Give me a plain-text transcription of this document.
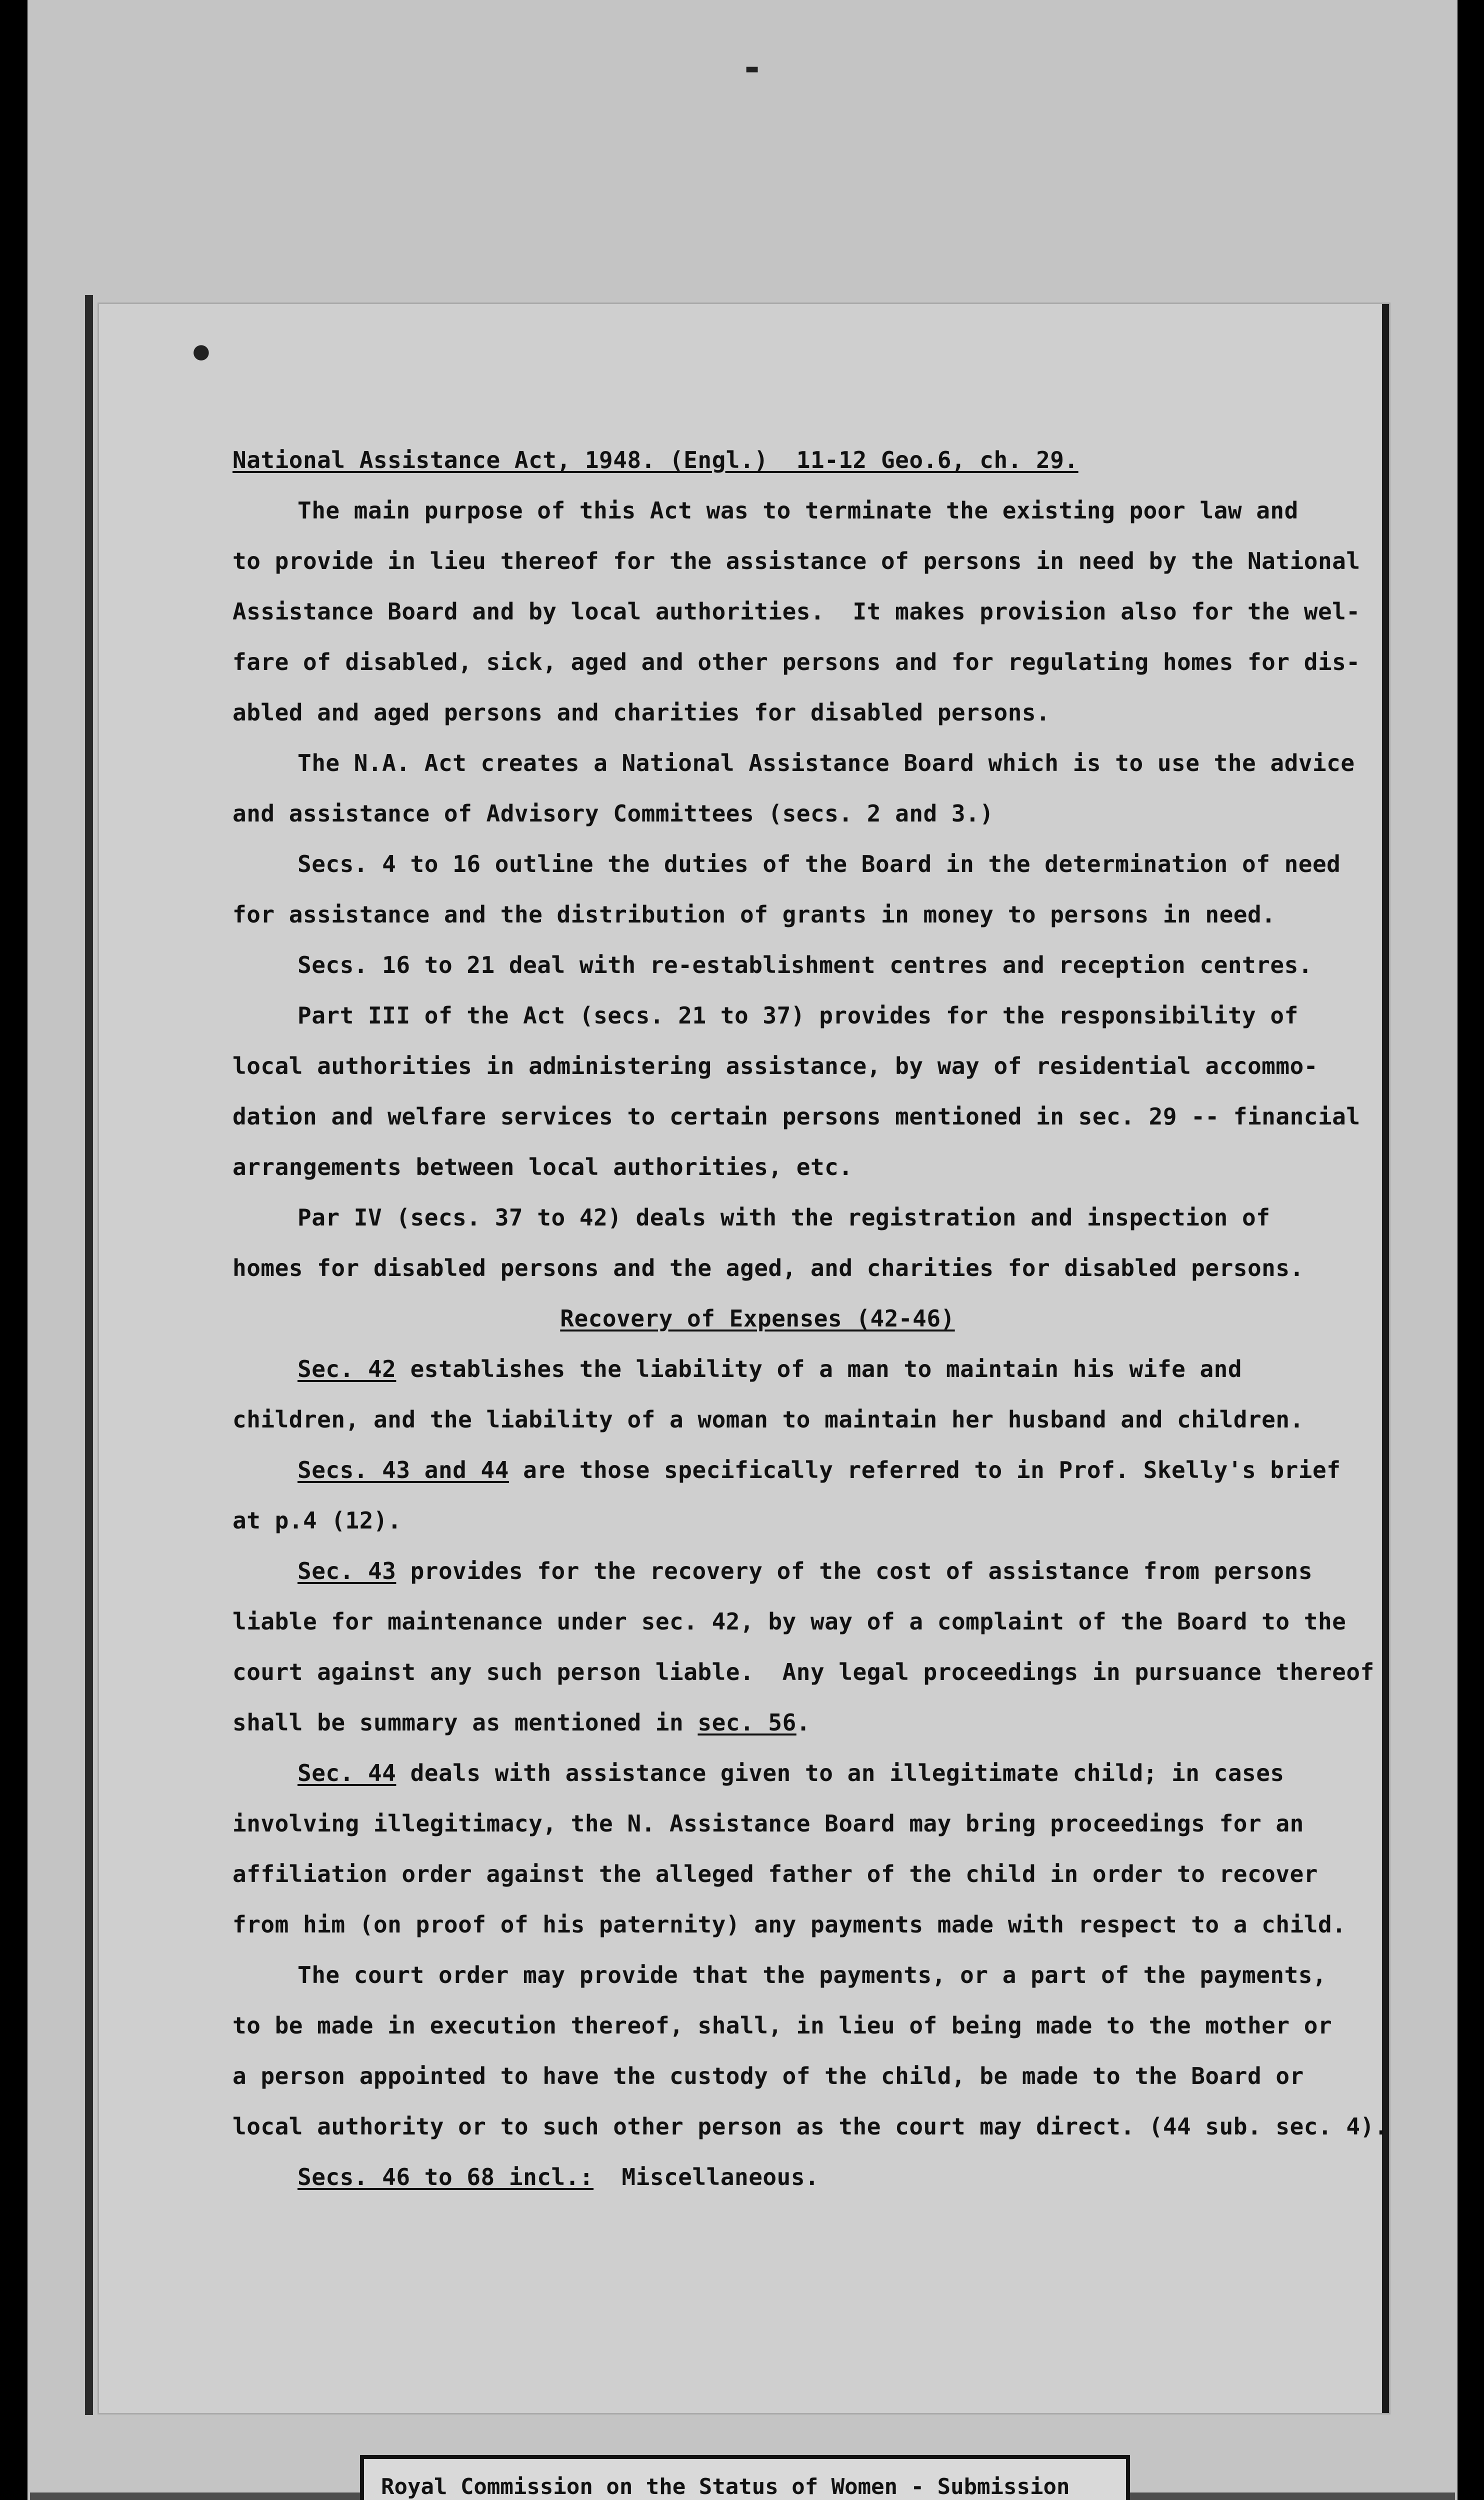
▬
●
National Assistance Act, 1948. (Engl.)  11-12 Geo.6, ch. 29.
The main purpose of this Act was to terminate the existing poor law and
to provide in lieu thereof for the assistance of persons in need by the National
Assistance Board and by local authorities.  It makes provision also for the wel-
fare of disabled, sick, aged and other persons and for regulating homes for dis-
abled and aged persons and charities for disabled persons.
The N.A. Act creates a National Assistance Board which is to use the advice
and assistance of Advisory Committees (secs. 2 and 3.)
Secs. 4 to 16 outline the duties of the Board in the determination of need
for assistance and the distribution of grants in money to persons in need.
Secs. 16 to 21 deal with re-establishment centres and reception centres.
Part III of the Act (secs. 21 to 37) provides for the responsibility of
local authorities in administering assistance, by way of residential accommo-
dation and welfare services to certain persons mentioned in sec. 29 -- financial
arrangements between local authorities, etc.
Par IV (secs. 37 to 42) deals with the registration and inspection of
homes for disabled persons and the aged, and charities for disabled persons.
Recovery of Expenses (42-46)
Sec. 42 establishes the liability of a man to maintain his wife and
children, and the liability of a woman to maintain her husband and children.
Secs. 43 and 44 are those specifically referred to in Prof. Skelly's brief
at p.4 (12).
Sec. 43 provides for the recovery of the cost of assistance from persons
liable for maintenance under sec. 42, by way of a complaint of the Board to the
court against any such person liable.  Any legal proceedings in pursuance thereof
shall be summary as mentioned in sec. 56.
Sec. 44 deals with assistance given to an illegitimate child; in cases
involving illegitimacy, the N. Assistance Board may bring proceedings for an
affiliation order against the alleged father of the child in order to recover
from him (on proof of his paternity) any payments made with respect to a child.
The court order may provide that the payments, or a part of the payments,
to be made in execution thereof, shall, in lieu of being made to the mother or
a person appointed to have the custody of the child, be made to the Board or
local authority or to such other person as the court may direct. (44 sub. sec. 4).
Secs. 46 to 68 incl.:  Miscellaneous.
Royal Commission on the Status of Women - Submission
